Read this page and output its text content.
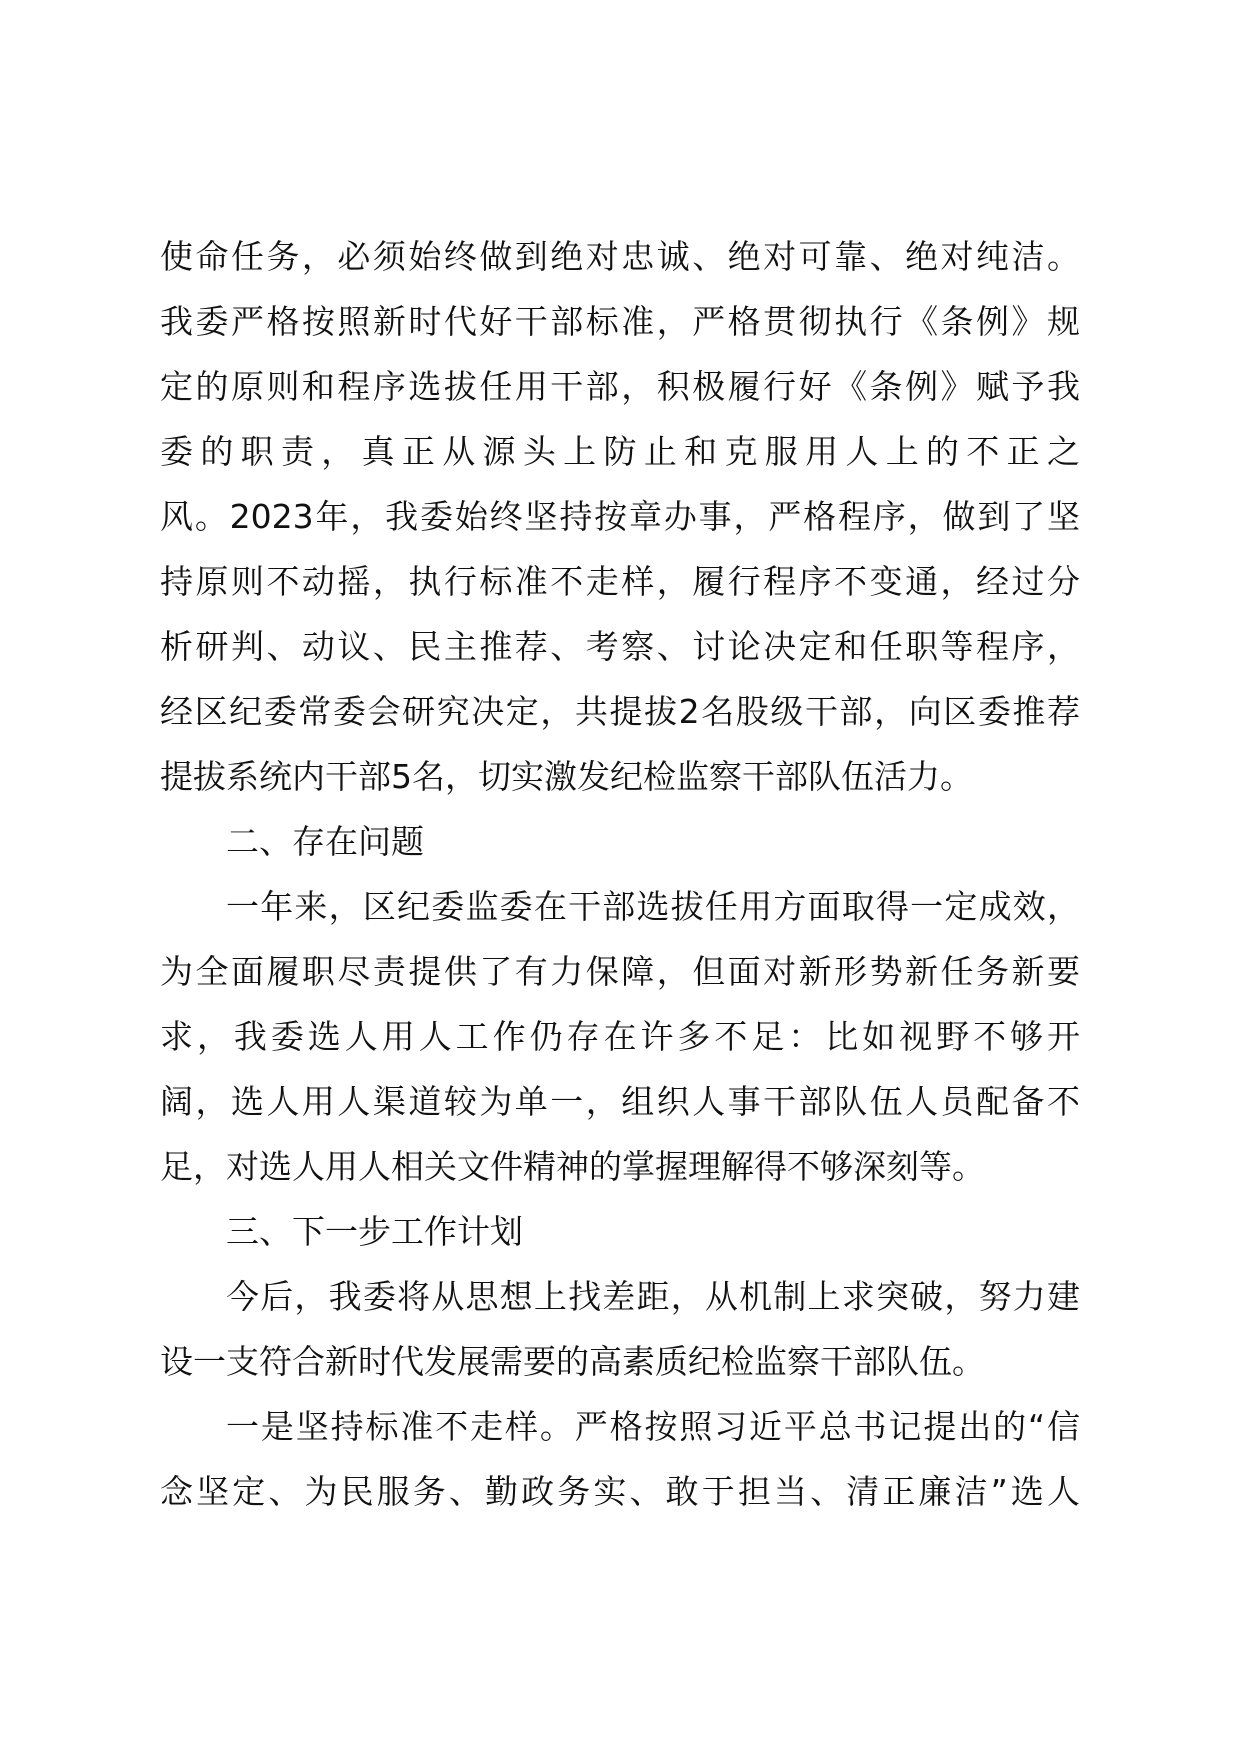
使命任务，必须始终做到绝对忠诚、绝对可靠、绝对纯洁。
我委严格按照新时代好干部标准，严格贯彻执行《条例》规
定的原则和程序选拔任用干部，积极履行好《条例》赋予我
委的职责，真正从源头上防止和克服用人上的不正之
风。2023年，我委始终坚持按章办事，严格程序，做到了坚
持原则不动摇，执行标准不走样，履行程序不变通，经过分
析研判、动议、民主推荐、考察、讨论决定和任职等程序，
经区纪委常委会研究决定，共提拔2名股级干部，向区委推荐
提拔系统内干部5名，切实激发纪检监察干部队伍活力。
二、存在问题
一年来，区纪委监委在干部选拔任用方面取得一定成效，
为全面履职尽责提供了有力保障，但面对新形势新任务新要
求，我委选人用人工作仍存在许多不足：比如视野不够开
阔，选人用人渠道较为单一，组织人事干部队伍人员配备不
足，对选人用人相关文件精神的掌握理解得不够深刻等。
三、下一步工作计划
今后，我委将从思想上找差距，从机制上求突破，努力建
设一支符合新时代发展需要的高素质纪检监察干部队伍。
一是坚持标准不走样。严格按照习近平总书记提出的“信
念坚定、为民服务、勤政务实、敢于担当、清正廉洁”选人
